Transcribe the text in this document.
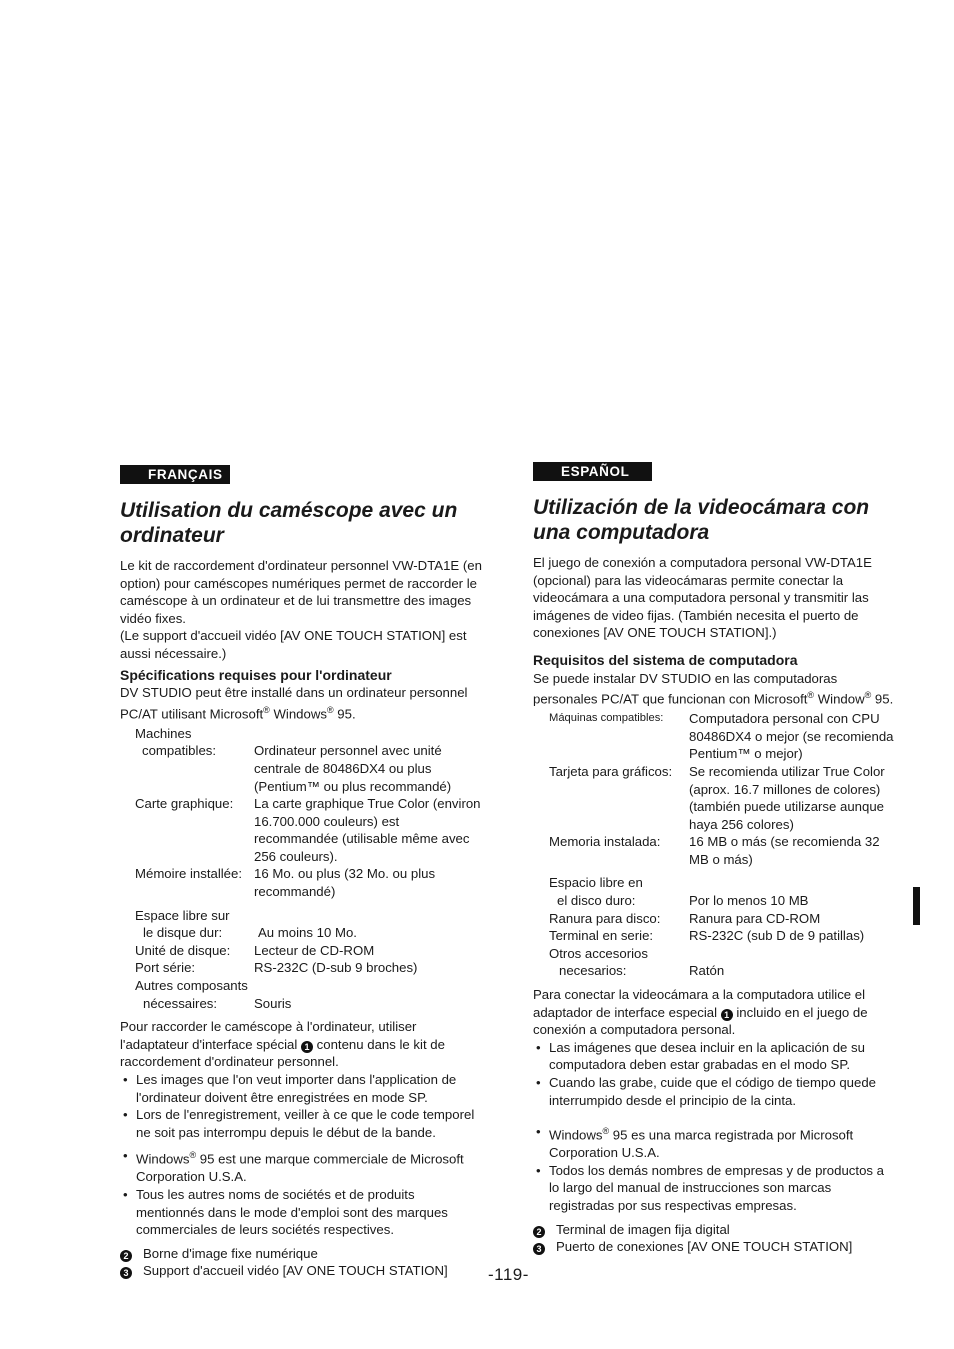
FRANÇAIS
Utilisation du caméscope avec un ordinateur

Le kit de raccordement d'ordinateur personnel VW-DTA1E (en option) pour caméscopes numériques permet de raccorder le caméscope à un ordinateur et de lui transmettre des images vidéo fixes.

(Le support d'accueil vidéo [AV ONE TOUCH STATION] est aussi nécessaire.)

Spécifications requises pour l'ordinateur

DV STUDIO peut être installé dans un ordinateur personnel PC/AT utilisant Microsoft® Windows® 95.

Machines
compatibles:	Ordinateur personnel avec unité centrale de 80486DX4 ou plus (Pentium™ ou plus recommandé)
Carte graphique:	La carte graphique True Color (environ 16.700.000 couleurs) est recommandée (utilisable même avec 256 couleurs).
Mémoire installée: 16 Mo. ou plus (32 Mo. ou plus recommandé)
Espace libre sur
le disque dur:	Au moins 10 Mo.
Unité de disque:	Lecteur de CD-ROM
Port série:	RS-232C (D-sub 9 broches)
Autres composants
nécessaires:	Souris

Pour raccorder le caméscope à l'ordinateur, utiliser l'adaptateur d'interface spécial 1 contenu dans le kit de raccordement d'ordinateur personnel.

• Les images que l'on veut importer dans l'application de l'ordinateur doivent être enregistrées en mode SP.
• Lors de l'enregistrement, veiller à ce que le code temporel ne soit pas interrompu depuis le début de la bande.
• Windows® 95 est une marque commerciale de Microsoft Corporation U.S.A.
• Tous les autres noms de sociétés et de produits mentionnés dans le mode d'emploi sont des marques commerciales de leurs sociétés respectives.
2 Borne d'image fixe numérique
3 Support d'accueil vidéo [AV ONE TOUCH STATION]
ESPAÑOL
Utilización de la videocámara con una computadora

El juego de conexión a computadora personal VW-DTA1E (opcional) para las videocámaras permite conectar la videocámara a una computadora personal y transmitir las imágenes de video fijas. (También necesita el puerto de conexiones [AV ONE TOUCH STATION].)

Requisitos del sistema de computadora

Se puede instalar DV STUDIO en las computadoras personales PC/AT que funcionan con Microsoft® Window® 95.

Máquinas compatibles:	Computadora personal con CPU 80486DX4 o mejor (se recomienda Pentium™ o mejor)
Tarjeta para gráficos:	Se recomienda utilizar True Color (aprox. 16.7 millones de colores) (también puede utilizarse aunque haya 256 colores)
Memoria instalada:	16 MB o más (se recomienda 32 MB o más)
Espacio libre en
el disco duro:	Por lo menos 10 MB
Ranura para disco:	Ranura para CD-ROM
Terminal en serie:	RS-232C (sub D de 9 patillas)
Otros accesorios
necesarios:	Ratón

Para conectar la videocámara a la computadora utilice el adaptador de interface especial 1 incluido en el juego de conexión a computadora personal.

• Las imágenes que desea incluir en la aplicación de su computadora deben estar grabadas en el modo SP.
• Cuando las grabe, cuide que el código de tiempo quede interrumpido desde el principio de la cinta.
• Windows® 95 es una marca registrada por Microsoft Corporation U.S.A.
• Todos los demás nombres de empresas y de productos a lo largo del manual de instrucciones son marcas registradas por sus respectivas empresas.
2 Terminal de imagen fija digital
3 Puerto de conexiones [AV ONE TOUCH STATION]
-119-
